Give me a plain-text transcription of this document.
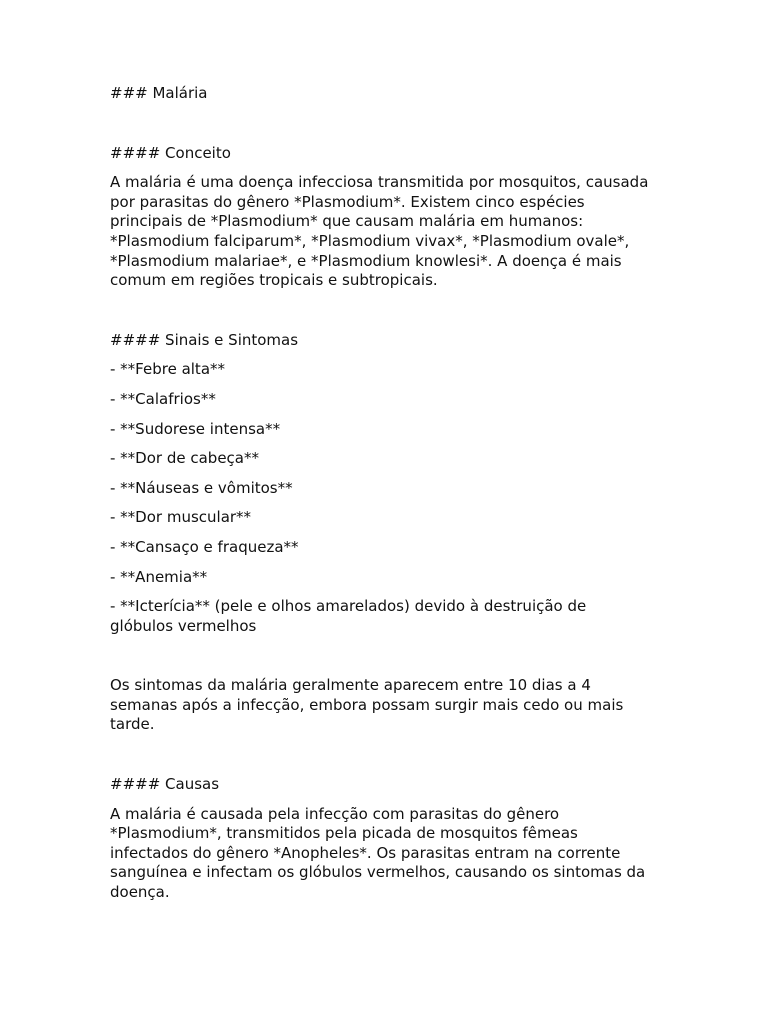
### Malária

#### Conceito

A malária é uma doença infecciosa transmitida por mosquitos, causada por parasitas do gênero *Plasmodium*. Existem cinco espécies principais de *Plasmodium* que causam malária em humanos: *Plasmodium falciparum*, *Plasmodium vivax*, *Plasmodium ovale*, *Plasmodium malariae*, e *Plasmodium knowlesi*. A doença é mais comum em regiões tropicais e subtropicais.

#### Sinais e Sintomas

- **Febre alta**

- **Calafrios**

- **Sudorese intensa**

- **Dor de cabeça**

- **Náuseas e vômitos**

- **Dor muscular**

- **Cansaço e fraqueza**

- **Anemia**

- **Icterícia** (pele e olhos amarelados) devido à destruição de glóbulos vermelhos

Os sintomas da malária geralmente aparecem entre 10 dias a 4 semanas após a infecção, embora possam surgir mais cedo ou mais tarde.

#### Causas

A malária é causada pela infecção com parasitas do gênero *Plasmodium*, transmitidos pela picada de mosquitos fêmeas infectados do gênero *Anopheles*. Os parasitas entram na corrente sanguínea e infectam os glóbulos vermelhos, causando os sintomas da doença.
